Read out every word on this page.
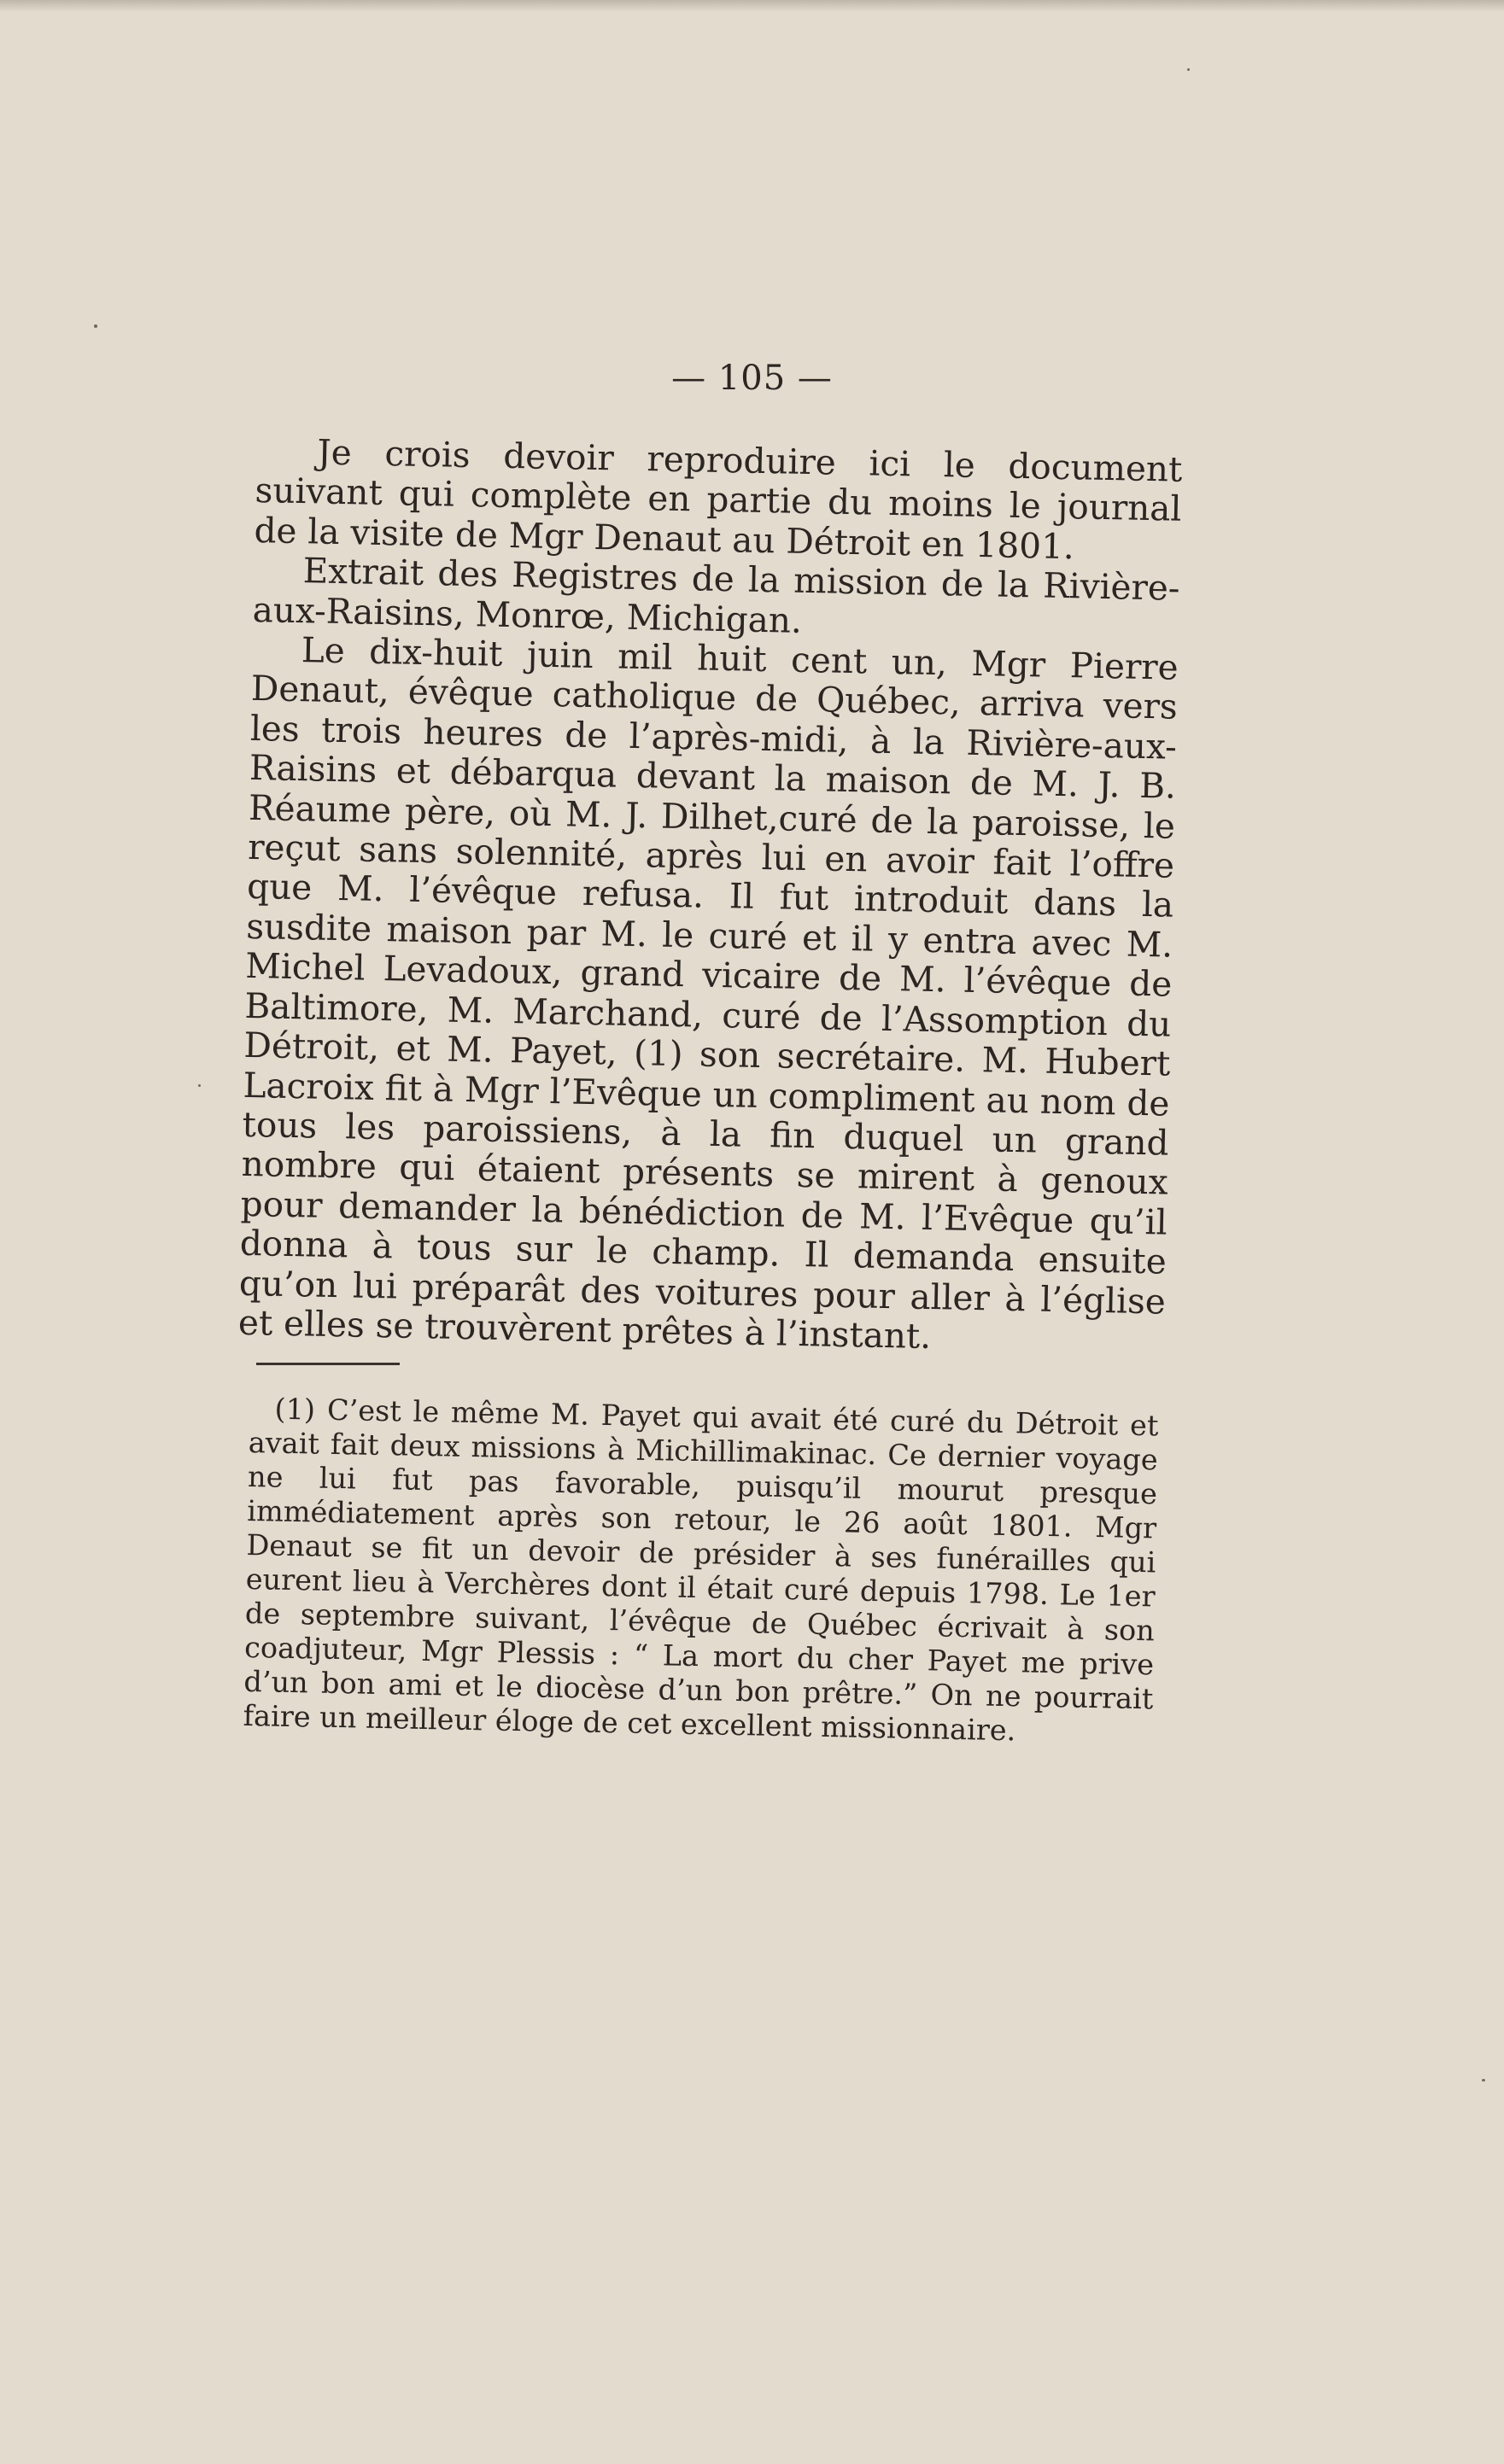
— 105 —

Je crois devoir reproduire ici le document suivant qui complète en partie du moins le journal de la visite de Mgr Denaut au Détroit en 1801.

Extrait des Registres de la mission de la Rivière-aux-Raisins, Monrœ, Michigan.

Le dix-huit juin mil huit cent un, Mgr Pierre Denaut, évêque catholique de Québec, arriva vers les trois heures de l’après-midi, à la Rivière-aux-Raisins et débarqua devant la maison de M. J. B. Réaume père, où M. J. Dilhet,curé de la paroisse, le reçut sans solennité, après lui en avoir fait l’offre que M. l’évêque refusa. Il fut introduit dans la susdite maison par M. le curé et il y entra avec M. Michel Levadoux, grand vicaire de M. l’évêque de Baltimore, M. Marchand, curé de l’Assomption du Détroit, et M. Payet, (1) son secrétaire. M. Hubert Lacroix fit à Mgr l’Evêque un compliment au nom de tous les paroissiens, à la fin duquel un grand nombre qui étaient présents se mirent à genoux pour demander la bénédiction de M. l’Evêque qu’il donna à tous sur le champ. Il demanda ensuite qu’on lui préparât des voitures pour aller à l’église et elles se trouvèrent prêtes à l’instant.

(1) C’est le même M. Payet qui avait été curé du Détroit et avait fait deux missions à Michillimakinac. Ce dernier voyage ne lui fut pas favorable, puisqu’il mourut presque immédiatement après son retour, le 26 août 1801. Mgr Denaut se fit un devoir de présider à ses funérailles qui eurent lieu à Verchères dont il était curé depuis 1798. Le 1er de septembre suivant, l’évêque de Québec écrivait à son coadjuteur, Mgr Plessis : “ La mort du cher Payet me prive d’un bon ami et le diocèse d’un bon prêtre.” On ne pourrait faire un meilleur éloge de cet excellent missionnaire.
